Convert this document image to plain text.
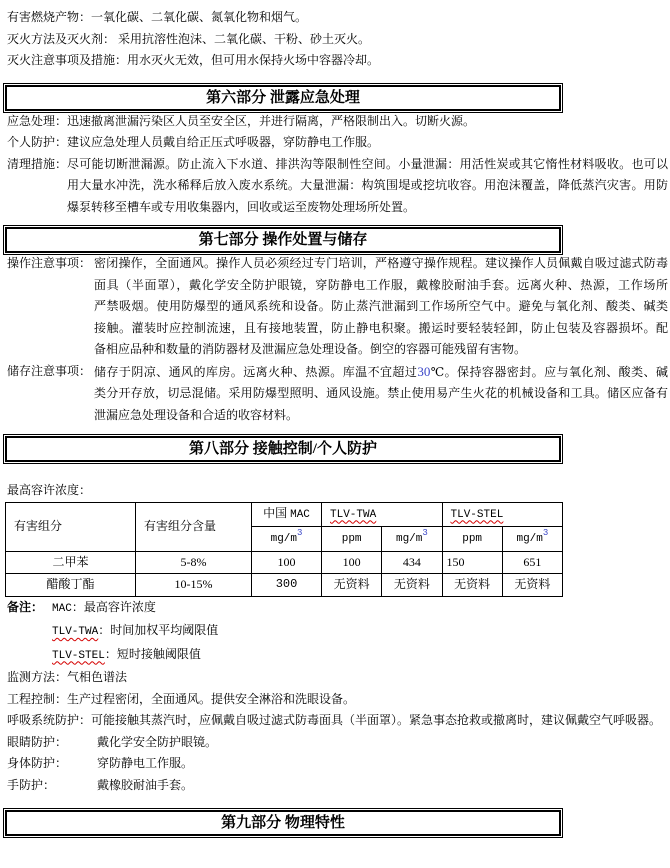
有害燃烧产物：一氧化碳、二氧化碳、氮氧化物和烟气。
灭火方法及灭火剂： 采用抗溶性泡沫、二氧化碳、干粉、砂土灭火。
灭火注意事项及措施：用水灭火无效，但可用水保持火场中容器冷却。
第六部分 泄露应急处理
应急处理： 迅速撤离泄漏污染区人员至安全区，并进行隔离，严格限制出入。切断火源。
个人防护： 建议应急处理人员戴自给正压式呼吸器，穿防静电工作服。
清理措施： 尽可能切断泄漏源。防止流入下水道、排洪沟等限制性空间。小量泄漏：用活性炭或其它惰性材料吸收。也可以
用大量水冲洗，洗水稀释后放入废水系统。大量泄漏：构筑围堤或挖坑收容。用泡沫覆盖，降低蒸汽灾害。用防
爆泵转移至槽车或专用收集器内，回收或运至废物处理场所处置。
第七部分 操作处置与储存
操作注意事项： 密闭操作，全面通风。操作人员必须经过专门培训，严格遵守操作规程。建议操作人员佩戴自吸过滤式防毒
面具（半面罩），戴化学安全防护眼镜，穿防静电工作服，戴橡胶耐油手套。远离火种、热源，工作场所
严禁吸烟。使用防爆型的通风系统和设备。防止蒸汽泄漏到工作场所空气中。避免与氧化剂、酸类、碱类
接触。灌装时应控制流速，且有接地装置，防止静电积聚。搬运时要轻装轻卸，防止包装及容器损坏。配
备相应品种和数量的消防器材及泄漏应急处理设备。倒空的容器可能残留有害物。
储存注意事项： 储存于阴凉、通风的库房。远离火种、热源。库温不宜超过30℃。保持容器密封。应与氧化剂、酸类、碱
类分开存放，切忌混储。采用防爆型照明、通风设施。禁止使用易产生火花的机械设备和工具。储区应备有
泄漏应急处理设备和合适的收容材料。
第八部分 接触控制/个人防护
最高容许浓度：
有害组分	有害组分含量	中国 MAC	TLV-TWA		TLV-STEL	
		$mg/m^3$	ppm	$mg/m^3$	ppm	$mg/m^3$
二甲苯	5-8%	100	100	434	150	651
醋酸丁酯	10-15%	300	无资料	无资料	无资料	无资料
备注： MAC：最高容许浓度
TLV-TWA：时间加权平均阈限值
TLV-STEL：短时接触阈限值
监测方法：气相色谱法
工程控制：生产过程密闭，全面通风。提供安全淋浴和洗眼设备。
呼吸系统防护：可能接触其蒸汽时，应佩戴自吸过滤式防毒面具（半面罩）。紧急事态抢救或撤离时，建议佩戴空气呼吸器。
眼睛防护：	戴化学安全防护眼镜。
身体防护：	穿防静电工作服。
手防护：	戴橡胶耐油手套。
第九部分 物理特性
